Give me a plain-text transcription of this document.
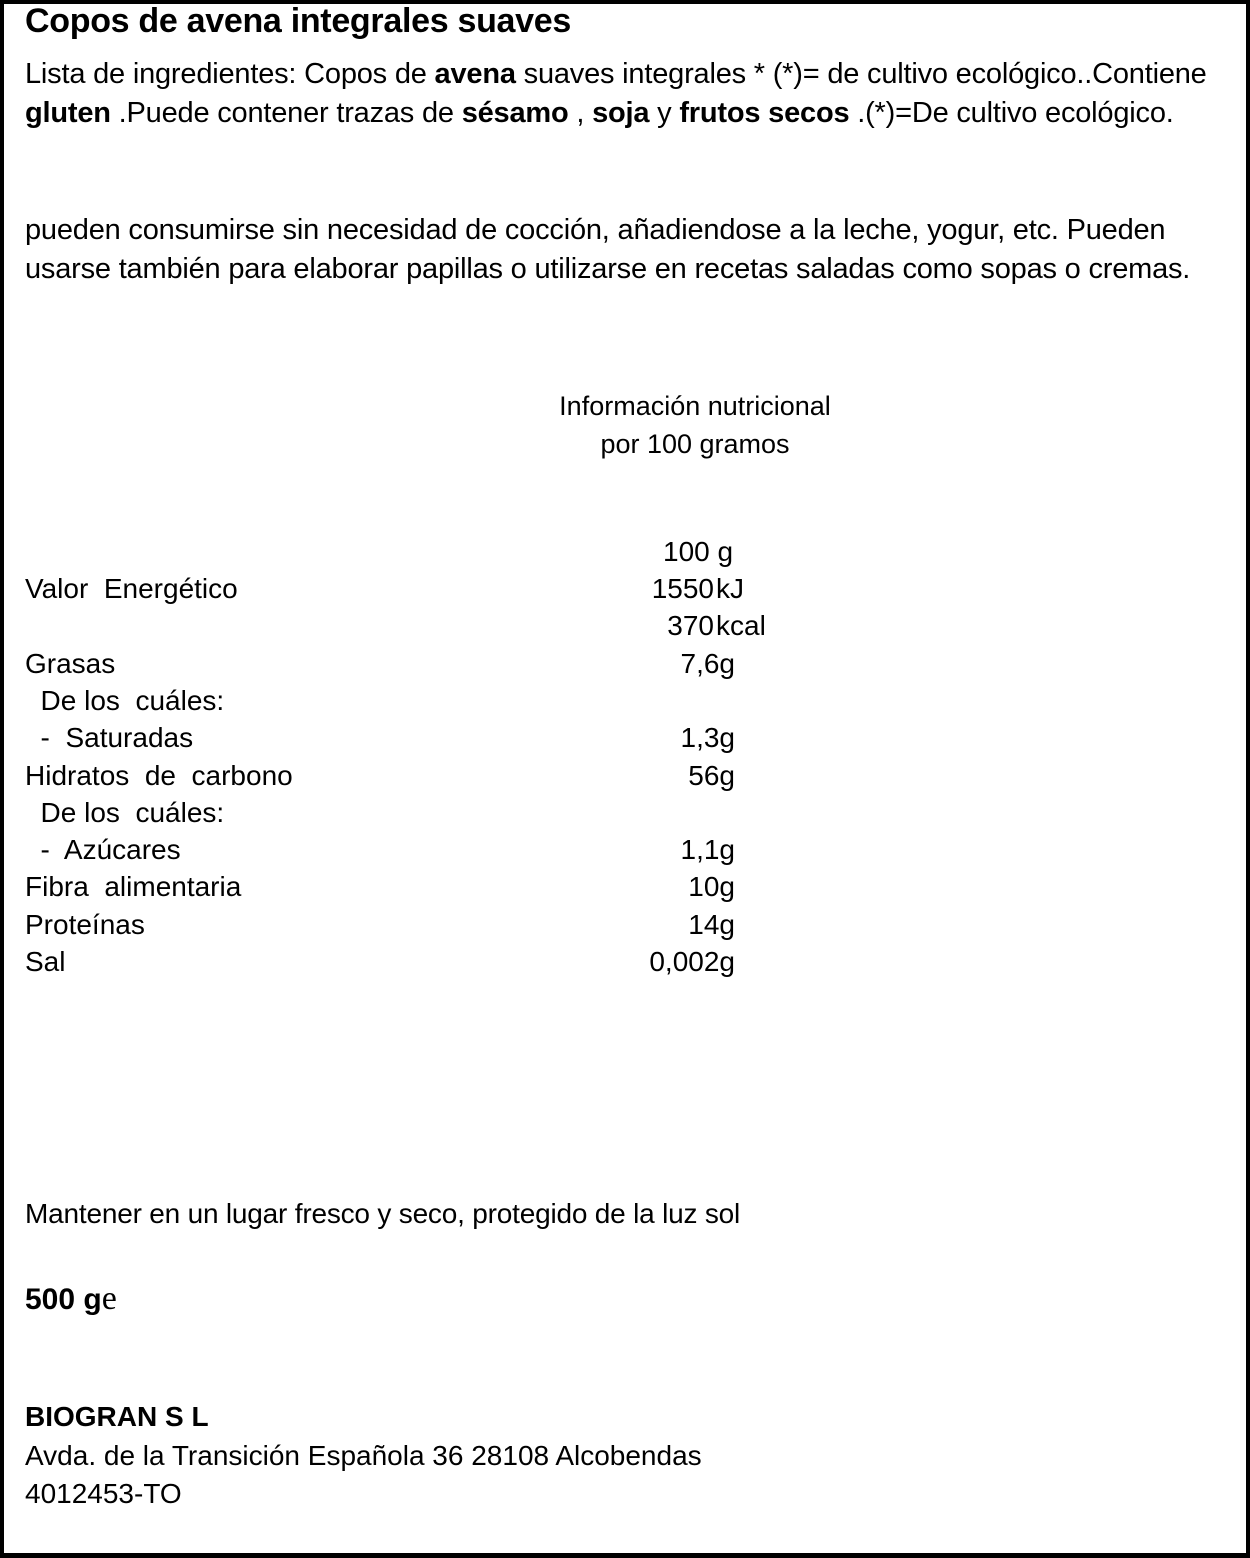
Copos de avena integrales suaves
Lista de ingredientes: Copos de avena suaves integrales * (*)= de cultivo ecológico..Contiene gluten .Puede contener trazas de sésamo , soja y frutos secos .(*)=De cultivo ecológico.
pueden consumirse sin necesidad de cocción, añadiendose a la leche, yogur, etc. Pueden usarse también para elaborar papillas o utilizarse en recetas saladas como sopas o cremas.
Información nutricional
por 100 gramos
100 g
Valor  Energético	1550 kJ
370 kcal
Grasas	7,6g
De los  cuáles:
-  Saturadas	1,3g
Hidratos  de  carbono	56g
De los  cuáles:
-  Azúcares	1,1g
Fibra  alimentaria	10g
Proteínas	14g
Sal	0,002g
Mantener en un lugar fresco y seco, protegido de la luz sol
500 ge
BIOGRAN S L
Avda. de la Transición Española 36 28108 Alcobendas
4012453-TO
